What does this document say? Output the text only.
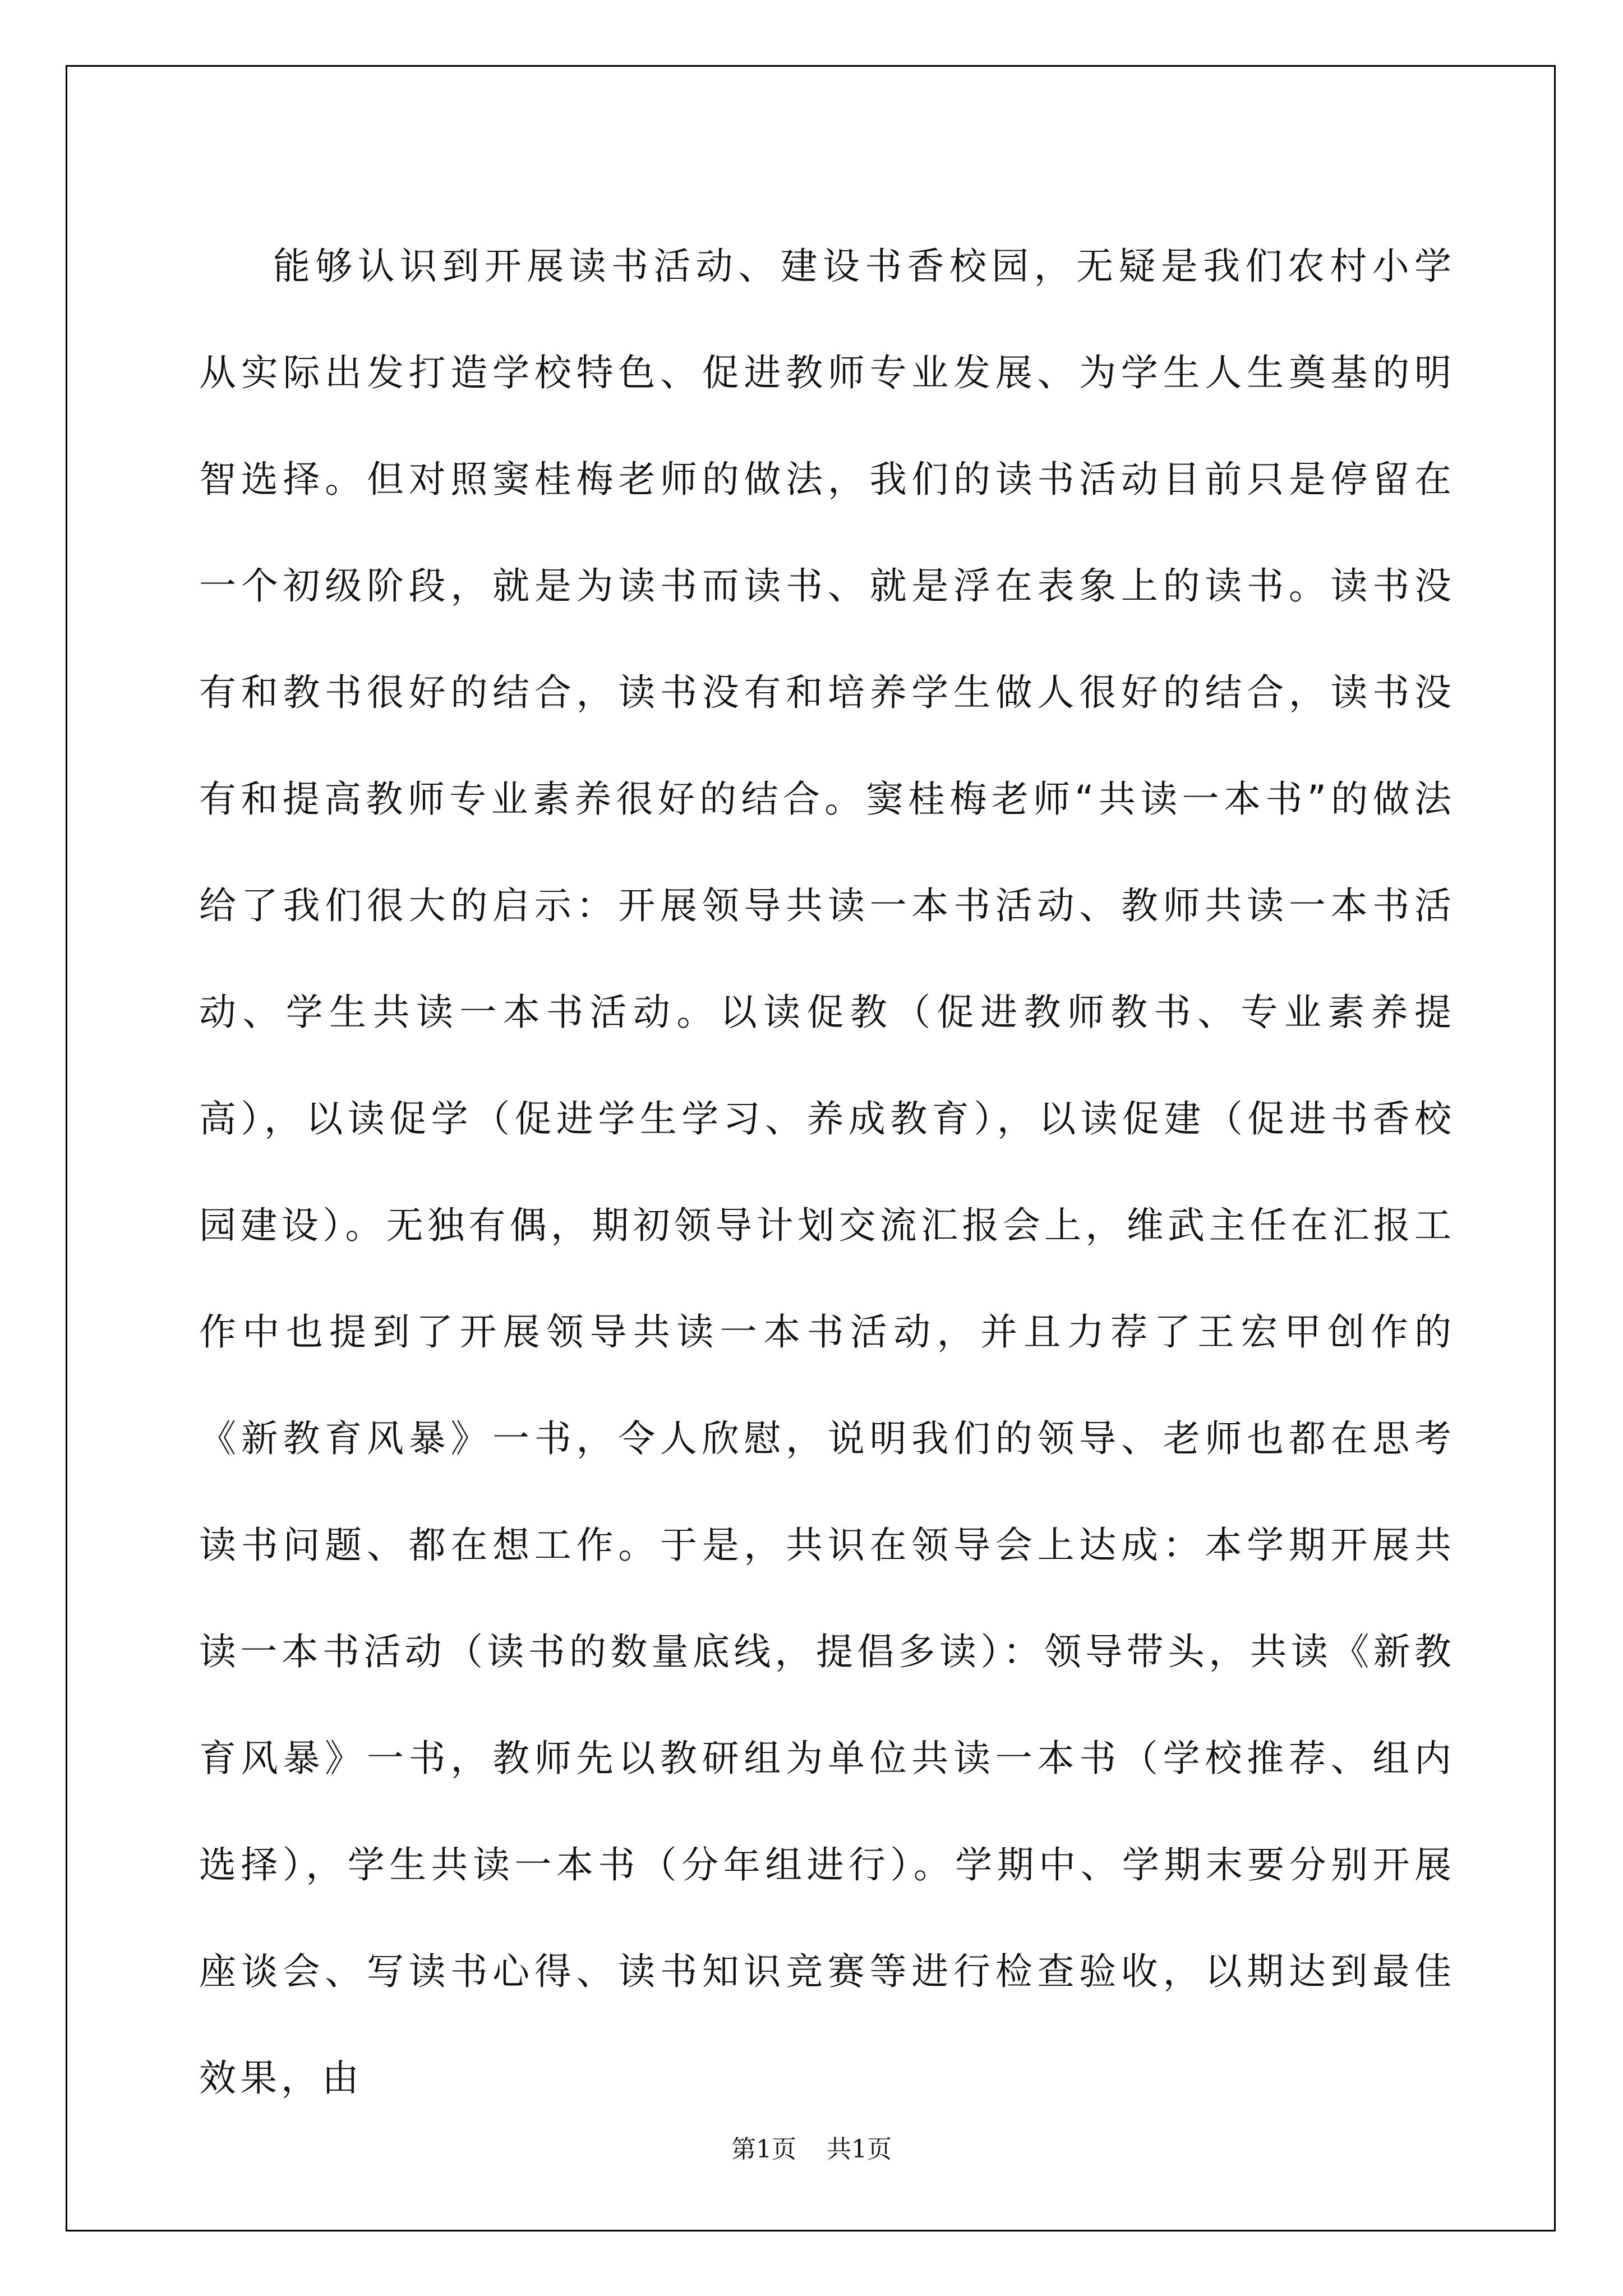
能够认识到开展读书活动、建设书香校园，无疑是我们农村小学从实际出发打造学校特色、促进教师专业发展、为学生人生奠基的明智选择。但对照窦桂梅老师的做法，我们的读书活动目前只是停留在一个初级阶段，就是为读书而读书、就是浮在表象上的读书。读书没有和教书很好的结合，读书没有和培养学生做人很好的结合，读书没有和提高教师专业素养很好的结合。窦桂梅老师“共读一本书”的做法给了我们很大的启示：开展领导共读一本书活动、教师共读一本书活动、学生共读一本书活动。以读促教（促进教师教书、专业素养提高），以读促学（促进学生学习、养成教育），以读促建（促进书香校园建设）。无独有偶，期初领导计划交流汇报会上，维武主任在汇报工作中也提到了开展领导共读一本书活动，并且力荐了王宏甲创作的《新教育风暴》一书，令人欣慰，说明我们的领导、老师也都在思考读书问题、都在想工作。于是，共识在领导会上达成：本学期开展共读一本书活动（读书的数量底线，提倡多读）：领导带头，共读《新教育风暴》一书，教师先以教研组为单位共读一本书（学校推荐、组内选择），学生共读一本书（分年组进行）。学期中、学期末要分别开展座谈会、写读书心得、读书知识竞赛等进行检查验收，以期达到最佳效果，由

第1页 共1页
